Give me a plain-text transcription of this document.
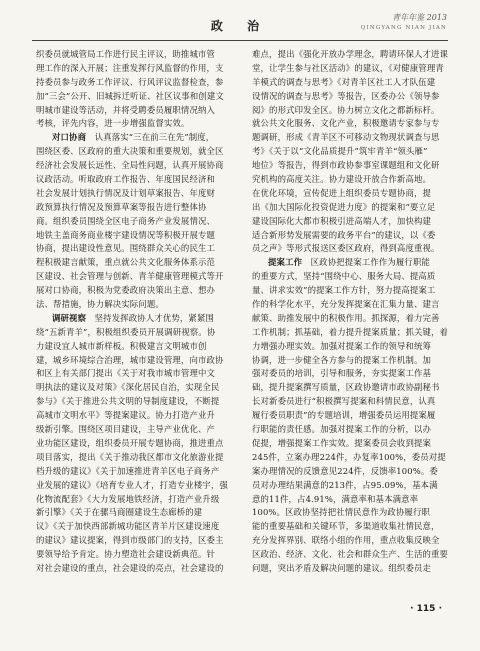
政 治
青年年鉴 2013
QINGYANG NIAN JIAN
织委员就城管局工作进行民主评议，助推城市管
理工作的深入开展；注重发挥行风监督的作用，支
持委员参与政务工作评议、行风评议监督检查，参
加“三会”公开、旧城拆迁听证、社区议事和创建文
明城市建设等活动，并将受聘委员履职情况纳入
考核，评先内容，进一步增强监督实效。
对口协商　 认真落实“三在前三在先”制度，
围绕区委、区政府的重大决策和重要规划，就全区
经济社会发展长远性、全局性问题，认真开展协商
议政活动。听取政府工作报告、年度国民经济和
社会发展计划执行情况及计划草案报告、年度财
政预算执行情况及预算草案等报告进行整体协
商。组织委员围绕全区电子商务产业发展情况、
地铁主盖商务商业楼宇建设情况等积极开展专题
协商，提出建设性意见。围绕群众关心的民生工
程积极建言献策，重点就公共文化服务体系示范
区建设、社会管理与创新、青羊健康管理模式等开
展对口协商，积极为党委政府决策出主意、想办
法、帮措施，协力解决实际问题。
调研视察　 坚持发挥政协人才优势，紧紧围
绕“五新青羊”，积极组织委员开展调研视察。协
力建设宜人城市新样板。积极建言文明城市创
建，城乡环境综合治理，城市建设管理，向市政协
和区上有关部门提出《关于对我市城市管理中文
明执法的建议及对策》《深化居民自治，实现全民
参与》《关于推进公共文明的导制度建设，不断提
高城市文明水平》等提案建议。协力打造产业升
级新引擎。围绕区项目建设，主导产业优化、产
业功能区建设，组织委员开展专题协商，推进重点
项目落实，提出《关于推动我区都市文化旅游业提
档升级的建议》《关于加速推进青羊区电子商务产
业发展的建议》《培育专业人才，打造专业楼宇，强
化物流配套》《大力发展地铁经济，打造产业升级
新引擎》《关于在骡马商圈建设生态廊桥的建
议》《关于加快西部新城功能区青羊片区建设速度
的建议》建议提案，得到市级部门的支持，区委主
要领导给予肯定。协力塑造社会建设新典范。针
对社会建设的重点，社会建设的亮点，社会建设的
难点，提出《强化开放办学理念，聘请环保人才进课
堂，让学生参与社区活动》的建议，《对健康管理青
羊模式的调查与思考》《对青羊区社工人才队伍建
设情况的调查与思考》等报告，区委办公《领导参
阅》的形式印发全区。协力树立文化之都新标杆。
就公共文化服务、文化产业，积极邀请专家参与专
题调研，形成《青羊区不可移动文物现状调查与思
考》《关于以“文化品质提升”筑牢青羊“领头雁”
地位》等报告，得到市政协参事室课题组和文化研
究机构的高度关注。协力建设开放合作新高地。
在优化环境，宣传促进上组织委员专题协商，提
出《加大国际化投资促进力度》的提案和“要立足
建设国际化大都市积极引进高端人才，加快构建
适合新形势发展需要的政务平台”的建议，以《委
员之声》等形式报送区委区政府，得到高度重视。
提案工作　 区政协把提案工作作为履行职能
的重要方式，坚持“围绕中心、服务大局、提高质
量、讲求实效”的提案工作方针，努力提高提案工
作的科学化水平，充分发挥提案在汇集力量、建言
献策、助推发展中的积极作用。抓探源，着力完善
工作机制；抓基础，着力提升提案质量；抓关键，着
力增强办理实效。加强对提案工作的领导和统筹
协调，进一步健全各方参与的提案工作机制。加
强对委员的培训，引导和服务，夯实提案工作基
础，提升提案撰写质量，区政协邀请市政协副秘书
长对新委员进行“积极撰写提案和科情民意，认真
履行委员职责”的专题培训，增强委员运用提案履
行职能的责任感。加强对提案工作的分析，以办
促提，增强提案工作实效。提案委员会收到提案
245件，立案办理224件，办复率100%，委员对提
案办理情况的反馈意见224件，反馈率100%。委
员对办理结果满意的213件，占95.09%，基本满
意的11件，占4.91%，满意率和基本满意率
100%。区政协坚持把社情民意作为政协履行职
能的重要基础和关键环节，多渠道收集社情民意，
充分发挥界别、联络小组的作用，重点收集反映全
区政治、经济、文化、社会和群众生产、生活的重要
问题，突出矛盾及解决问题的建议。组织委员走
· 115 ·
